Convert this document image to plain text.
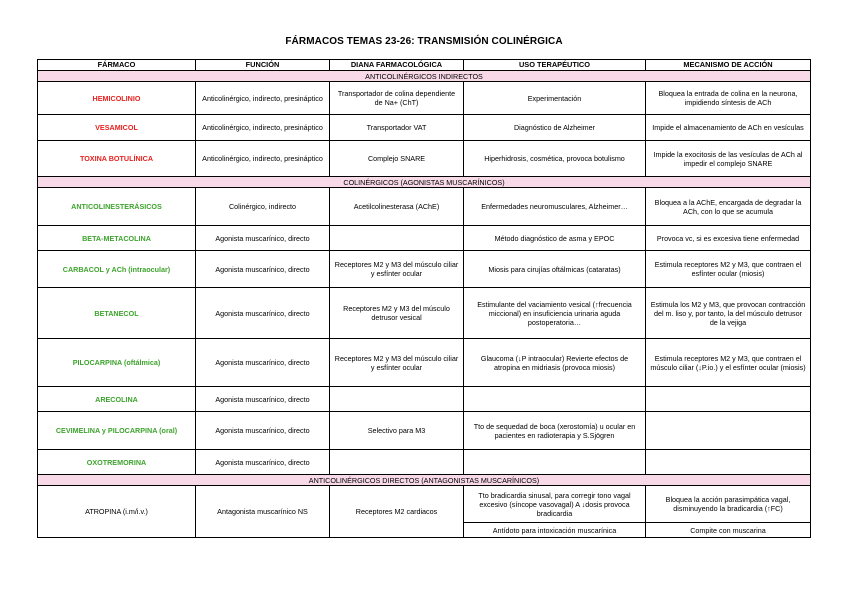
FÁRMACOS TEMAS 23-26: TRANSMISIÓN COLINÉRGICA
FÁRMACO	FUNCIÓN	DIANA FARMACOLÓGICA	USO TERAPÉUTICO	MECANISMO DE ACCIÓN
ANTICOLINÉRGICOS INDIRECTOS				
HEMICOLINIO	Anticolinérgico, indirecto, presináptico	Transportador de colina dependiente de Na+ (ChT)	Experimentación	Bloquea la entrada de colina en la neurona, impidiendo síntesis de ACh
VESAMICOL	Anticolinérgico, indirecto, presináptico	Transportador VAT	Diagnóstico de Alzheimer	Impide el almacenamiento de ACh en vesículas
TOXINA BOTULÍNICA	Anticolinérgico, indirecto, presináptico	Complejo SNARE	Hiperhidrosis, cosmética, provoca botulismo	Impide la exocitosis de las vesículas de ACh al impedir el complejo SNARE
COLINÉRGICOS (AGONISTAS MUSCARÍNICOS)				
ANTICOLINESTERÁSICOS	Colinérgico, indirecto	Acetilcolinesterasa (AChE)	Enfermedades neuromusculares, Alzheimer…	Bloquea a la AChE, encargada de degradar la ACh, con lo que se acumula
BETA-METACOLINA	Agonista muscarínico, directo		Método diagnóstico de asma y EPOC	Provoca vc, si es excesiva tiene enfermedad
CARBACOL y ACh (intraocular)	Agonista muscarínico, directo	Receptores M2 y M3 del músculo ciliar y esfínter ocular	Miosis para cirujías oftálmicas (cataratas)	Estimula receptores M2 y M3, que contraen el esfínter ocular (miosis)
BETANECOL	Agonista muscarínico, directo	Receptores M2 y M3 del músculo detrusor vesical	Estimulante del vaciamiento vesical (↑frecuencia miccional) en insuficiencia urinaria aguda postoperatoria…	Estimula los M2 y M3, que provocan contracción del m. liso y, por tanto, la del músculo detrusor de la vejiga
PILOCARPINA (oftálmica)	Agonista muscarínico, directo	Receptores M2 y M3 del músculo ciliar y esfínter ocular	Glaucoma (↓P intraocular) Revierte efectos de atropina en midriasis (provoca miosis)	Estimula receptores M2 y M3, que contraen el músculo ciliar (↓P.io.) y el esfínter ocular (miosis)
ARECOLINA	Agonista muscarínico, directo			
CEVIMELINA y PILOCARPINA (oral)	Agonista muscarínico, directo	Selectivo para M3	Tto de sequedad de boca (xerostomía) u ocular en pacientes en radioterapia y S.Sjögren	
OXOTREMORINA	Agonista muscarínico, directo			
ANTICOLINÉRGICOS DIRECTOS (ANTAGONISTAS MUSCARÍNICOS)				
ATROPINA (i.m/i.v.)	Antagonista muscarínico NS	Receptores M2 cardiacos	Tto bradicardia sinusal, para corregir tono vagal excesivo (síncope vasovagal) A ↓dosis provoca bradicardia	Bloquea la acción parasimpática vagal, disminuyendo la bradicardia (↑FC)
			Antídoto para intoxicación muscarínica	Compite con muscarina
